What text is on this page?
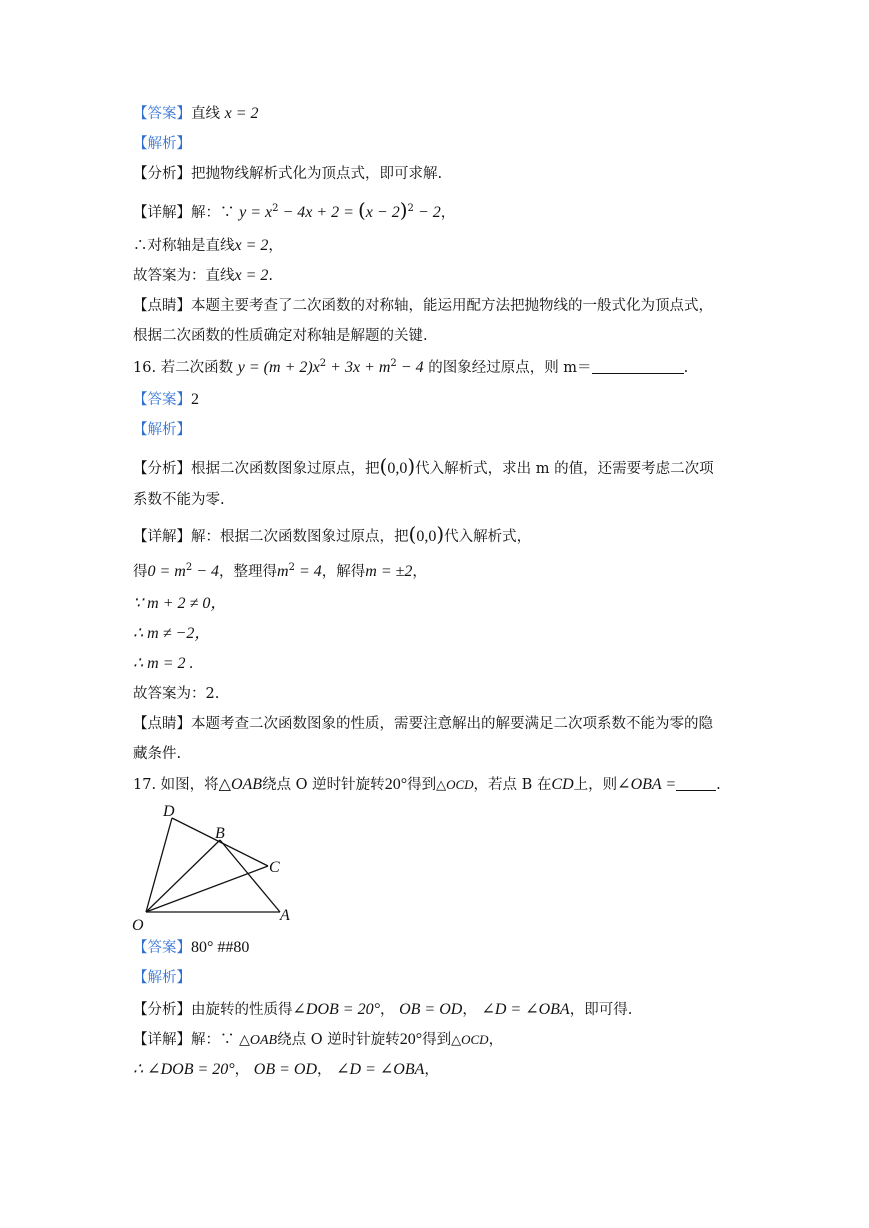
【答案】直线 x = 2
【解析】
【分析】把抛物线解析式化为顶点式，即可求解.
【详解】解：∵ $y = x^2 - 4x + 2 = (x - 2)^2 - 2$，
∴对称轴是直线x = 2，
故答案为：直线x = 2.
【点睛】本题主要考查了二次函数的对称轴，能运用配方法把抛物线的一般式化为顶点式，
根据二次函数的性质确定对称轴是解题的关键.
16. 若二次函数 $y = (m + 2)x^2 + 3x + m^2 - 4$ 的图象经过原点，则 m＝	.
【答案】2
【解析】
【分析】根据二次函数图象过原点，把(0,0)代入解析式，求出 m 的值，还需要考虑二次项
系数不能为零.
【详解】解：根据二次函数图象过原点，把(0,0)代入解析式，
得$0 = m^2 - 4$，整理得$m^2 = 4$，解得m = ±2，
∵ m + 2 ≠ 0，
∴ m ≠ −2，
∴ m = 2 .
故答案为：2.
【点睛】本题考查二次函数图象的性质，需要注意解出的解要满足二次项系数不能为零的隐
藏条件.
17. 如图，将△OAB绕点 O 逆时针旋转20°得到△OCD，若点 B 在CD上，则∠OBA =	.
D
B
C
O
A
【答案】80° ##80
【解析】
【分析】由旋转的性质得∠DOB = 20°， OB = OD， ∠D = ∠OBA，即可得.
【详解】解：∵ △OAB绕点 O 逆时针旋转20°得到△OCD，
∴ ∠DOB = 20°， OB = OD， ∠D = ∠OBA，
